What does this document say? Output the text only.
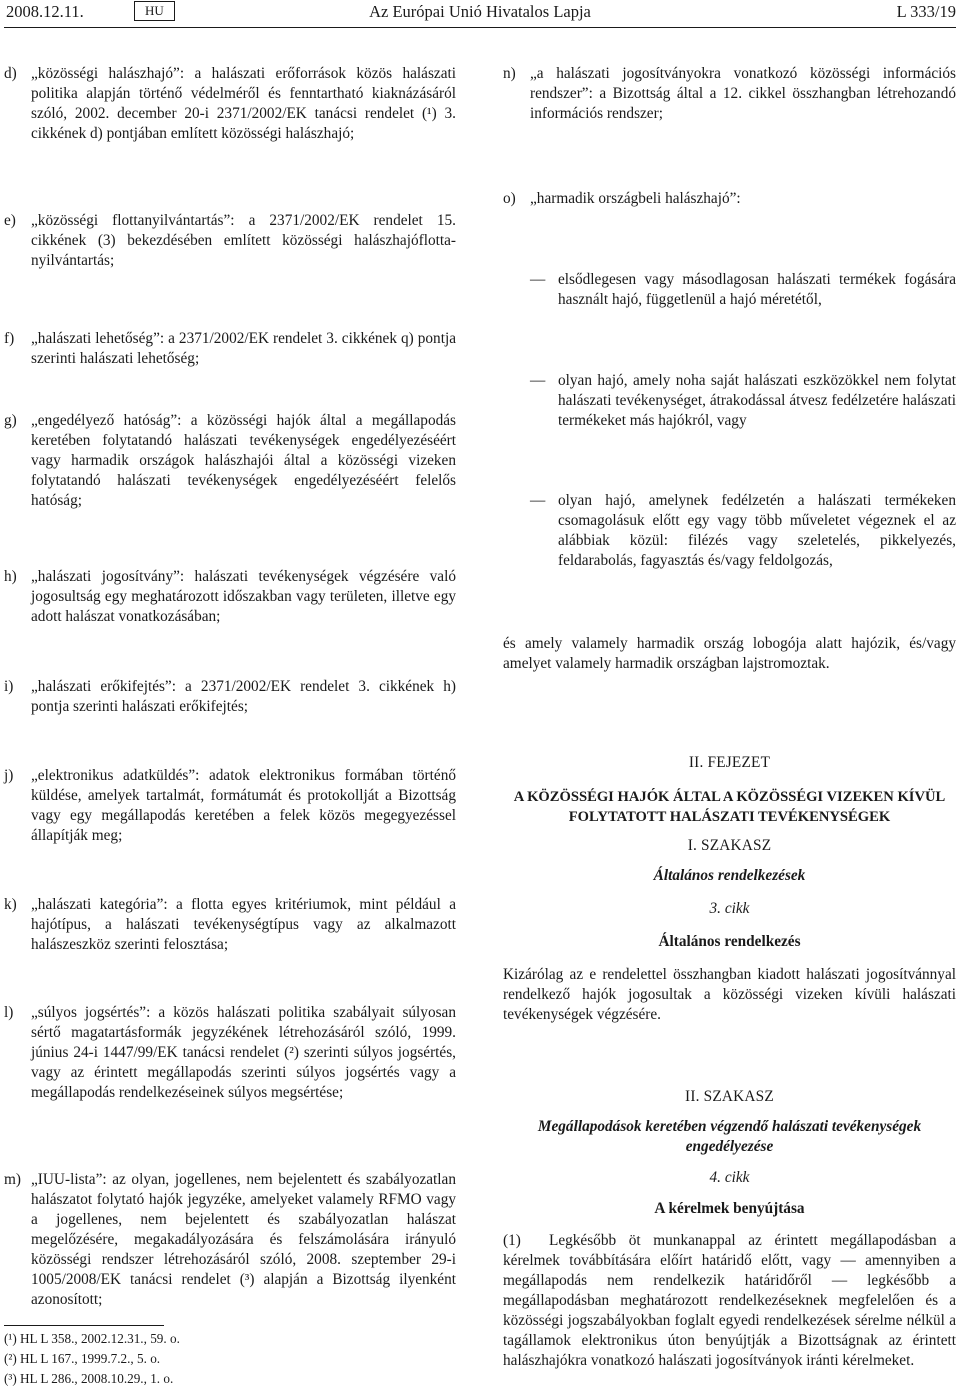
2008.12.11.	HU	Az Európai Unió Hivatalos Lapja	L 333/19
d) „közösségi halászhajó”: a halászati erőforrások közös halászati politika alapján történő védelméről és fenntartható kiaknázásáról szóló, 2002. december 20-i 2371/2002/EK tanácsi rendelet (¹) 3. cikkének d) pontjában említett közösségi halászhajó;
e) „közösségi flottanyilvántartás”: a 2371/2002/EK rendelet 15. cikkének (3) bekezdésében említett közösségi halászhajóflotta-nyilvántartás;
f) „halászati lehetőség”: a 2371/2002/EK rendelet 3. cikkének q) pontja szerinti halászati lehetőség;
g) „engedélyező hatóság”: a közösségi hajók által a megállapodás keretében folytatandó halászati tevékenységek engedélyezéséért vagy harmadik országok halászhajói által a közösségi vizeken folytatandó halászati tevékenységek engedélyezéséért felelős hatóság;
h) „halászati jogosítvány”: halászati tevékenységek végzésére való jogosultság egy meghatározott időszakban vagy területen, illetve egy adott halászat vonatkozásában;
i) „halászati erőkifejtés”: a 2371/2002/EK rendelet 3. cikkének h) pontja szerinti halászati erőkifejtés;
j) „elektronikus adatküldés”: adatok elektronikus formában történő küldése, amelyek tartalmát, formátumát és protokollját a Bizottság vagy egy megállapodás keretében a felek közös megegyezéssel állapítják meg;
k) „halászati kategória”: a flotta egyes kritériumok, mint például a hajótípus, a halászati tevékenységtípus vagy az alkalmazott halászeszköz szerinti felosztása;
l) „súlyos jogsértés”: a közös halászati politika szabályait súlyosan sértő magatartásformák jegyzékének létrehozásáról szóló, 1999. június 24-i 1447/99/EK tanácsi rendelet (²) szerinti súlyos jogsértés, vagy az érintett megállapodás szerinti súlyos jogsértés vagy a megállapodás rendelkezéseinek súlyos megsértése;
m) „IUU-lista”: az olyan, jogellenes, nem bejelentett és szabályozatlan halászatot folytató hajók jegyzéke, amelyeket valamely RFMO vagy a jogellenes, nem bejelentett és szabályozatlan halászat megelőzésére, megakadályozására és felszámolására irányuló közösségi rendszer létrehozásáról szóló, 2008. szeptember 29-i 1005/2008/EK tanácsi rendelet (³) alapján a Bizottság ilyenként azonosított;
(¹) HL L 358., 2002.12.31., 59. o.
(²) HL L 167., 1999.7.2., 5. o.
(³) HL L 286., 2008.10.29., 1. o.
n) „a halászati jogosítványokra vonatkozó közösségi információs rendszer”: a Bizottság által a 12. cikkel összhangban létrehozandó információs rendszer;
o) „harmadik országbeli halászhajó”:
— elsődlegesen vagy másodlagosan halászati termékek fogására használt hajó, függetlenül a hajó méretétől,
— olyan hajó, amely noha saját halászati eszközökkel nem folytat halászati tevékenységet, átrakodással átvesz fedélzetére halászati termékeket más hajókról, vagy
— olyan hajó, amelynek fedélzetén a halászati termékeken csomagolásuk előtt egy vagy több műveletet végeznek el az alábbiak közül: filézés vagy szeletelés, pikkelyezés, feldarabolás, fagyasztás és/vagy feldolgozás,
és amely valamely harmadik ország lobogója alatt hajózik, és/vagy amelyet valamely harmadik országban lajstromoztak.
II. FEJEZET
A KÖZÖSSÉGI HAJÓK ÁLTAL A KÖZÖSSÉGI VIZEKEN KÍVÜL FOLYTATOTT HALÁSZATI TEVÉKENYSÉGEK
I. SZAKASZ
Általános rendelkezések
3. cikk
Általános rendelkezés
Kizárólag az e rendelettel összhangban kiadott halászati jogosítvánnyal rendelkező hajók jogosultak a közösségi vizeken kívüli halászati tevékenységek végzésére.
II. SZAKASZ
Megállapodások keretében végzendő halászati tevékenységek engedélyezése
4. cikk
A kérelmek benyújtása
(1) Legkésőbb öt munkanappal az érintett megállapodásban a kérelmek továbbítására előírt határidő előtt, vagy — amennyiben a megállapodás nem rendelkezik határidőről — legkésőbb a megállapodásban meghatározott rendelkezéseknek megfelelően és a közösségi jogszabályokban foglalt egyedi rendelkezések sérelme nélkül a tagállamok elektronikus úton benyújtják a Bizottságnak az érintett halászhajókra vonatkozó halászati jogosítványok iránti kérelmeket.
